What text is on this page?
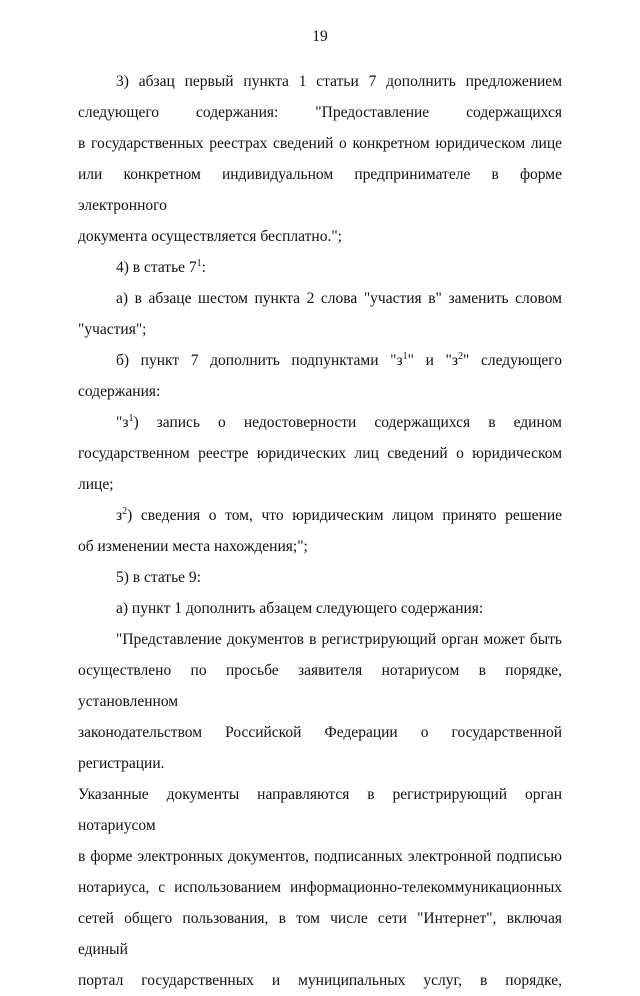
19

3) абзац первый пункта 1 статьи 7 дополнить предложением

следующего содержания: "Предоставление содержащихся

в государственных реестрах сведений о конкретном юридическом лице

или конкретном индивидуальном предпринимателе в форме электронного

документа осуществляется бесплатно.";

4) в статье $7^1$:

а) в абзаце шестом пункта 2 слова "участия в" заменить словом

"участия";

б) пункт 7 дополнить подпунктами "$з^1$" и "$з^2$" следующего

содержания:

"$з^1$) запись о недостоверности содержащихся в едином

государственном реестре юридических лиц сведений о юридическом лице;

$з^2$) сведения о том, что юридическим лицом принято решение

об изменении места нахождения;";

5) в статье 9:

а) пункт 1 дополнить абзацем следующего содержания:

"Представление документов в регистрирующий орган может быть

осуществлено по просьбе заявителя нотариусом в порядке, установленном

законодательством Российской Федерации о государственной регистрации.

Указанные документы направляются в регистрирующий орган нотариусом

в форме электронных документов, подписанных электронной подписью

нотариуса, с использованием информационно-телекоммуникационных

сетей общего пользования, в том числе сети "Интернет", включая единый

портал государственных и муниципальных услуг, в порядке,
